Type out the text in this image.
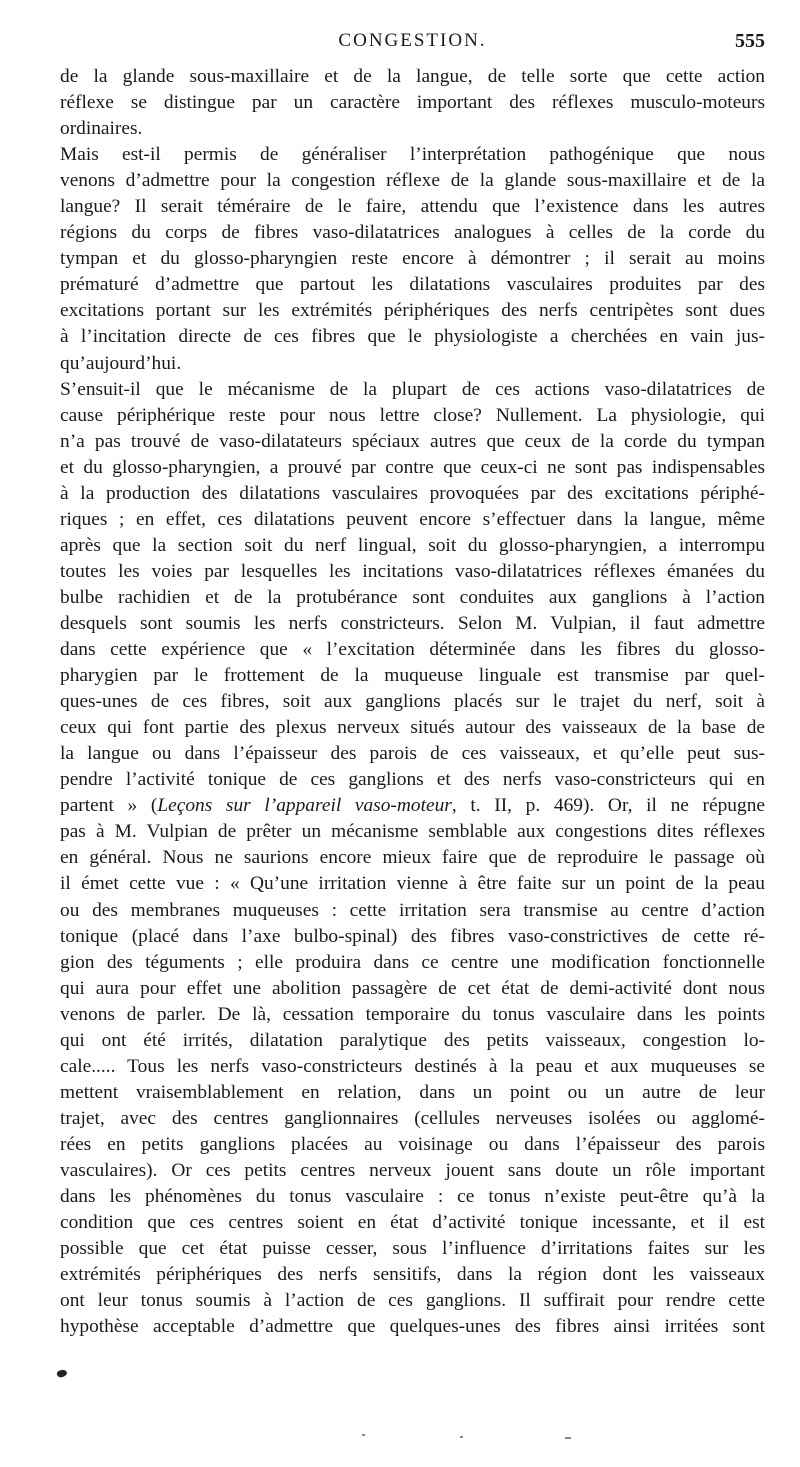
CONGESTION.	555
de la glande sous-maxillaire et de la langue, de telle sorte que cette action
réflexe se distingue par un caractère important des réflexes musculo-moteurs
ordinaires.
Mais est-il permis de généraliser l’interprétation pathogénique que nous
venons d’admettre pour la congestion réflexe de la glande sous-maxillaire et de la
langue? Il serait téméraire de le faire, attendu que l’existence dans les autres
régions du corps de fibres vaso-dilatatrices analogues à celles de la corde du
tympan et du glosso-pharyngien reste encore à démontrer ; il serait au moins
prématuré d’admettre que partout les dilatations vasculaires produites par des
excitations portant sur les extrémités périphériques des nerfs centripètes sont dues
à l’incitation directe de ces fibres que le physiologiste a cherchées en vain jus-
qu’aujourd’hui.
S’ensuit-il que le mécanisme de la plupart de ces actions vaso-dilatatrices de
cause périphérique reste pour nous lettre close? Nullement. La physiologie, qui
n’a pas trouvé de vaso-dilatateurs spéciaux autres que ceux de la corde du tympan
et du glosso-pharyngien, a prouvé par contre que ceux-ci ne sont pas indispensables
à la production des dilatations vasculaires provoquées par des excitations périphé-
riques ; en effet, ces dilatations peuvent encore s’effectuer dans la langue, même
après que la section soit du nerf lingual, soit du glosso-pharyngien, a interrompu
toutes les voies par lesquelles les incitations vaso-dilatatrices réflexes émanées du
bulbe rachidien et de la protubérance sont conduites aux ganglions à l’action
desquels sont soumis les nerfs constricteurs. Selon M. Vulpian, il faut admettre
dans cette expérience que « l’excitation déterminée dans les fibres du glosso-
pharygien par le frottement de la muqueuse linguale est transmise par quel-
ques-unes de ces fibres, soit aux ganglions placés sur le trajet du nerf, soit à
ceux qui font partie des plexus nerveux situés autour des vaisseaux de la base de
la langue ou dans l’épaisseur des parois de ces vaisseaux, et qu’elle peut sus-
pendre l’activité tonique de ces ganglions et des nerfs vaso-constricteurs qui en
partent » (Leçons sur l’appareil vaso-moteur, t. II, p. 469). Or, il ne répugne
pas à M. Vulpian de prêter un mécanisme semblable aux congestions dites réflexes
en général. Nous ne saurions encore mieux faire que de reproduire le passage où
il émet cette vue : « Qu’une irritation vienne à être faite sur un point de la peau
ou des membranes muqueuses : cette irritation sera transmise au centre d’action
tonique (placé dans l’axe bulbo-spinal) des fibres vaso-constrictives de cette ré-
gion des téguments ; elle produira dans ce centre une modification fonctionnelle
qui aura pour effet une abolition passagère de cet état de demi-activité dont nous
venons de parler. De là, cessation temporaire du tonus vasculaire dans les points
qui ont été irrités, dilatation paralytique des petits vaisseaux, congestion lo-
cale..... Tous les nerfs vaso-constricteurs destinés à la peau et aux muqueuses se
mettent vraisemblablement en relation, dans un point ou un autre de leur
trajet, avec des centres ganglionnaires (cellules nerveuses isolées ou agglomé-
rées en petits ganglions placées au voisinage ou dans l’épaisseur des parois
vasculaires). Or ces petits centres nerveux jouent sans doute un rôle important
dans les phénomènes du tonus vasculaire : ce tonus n’existe peut-être qu’à la
condition que ces centres soient en état d’activité tonique incessante, et il est
possible que cet état puisse cesser, sous l’influence d’irritations faites sur les
extrémités périphériques des nerfs sensitifs, dans la région dont les vaisseaux
ont leur tonus soumis à l’action de ces ganglions. Il suffirait pour rendre cette
hypothèse acceptable d’admettre que quelques-unes des fibres ainsi irritées sont
